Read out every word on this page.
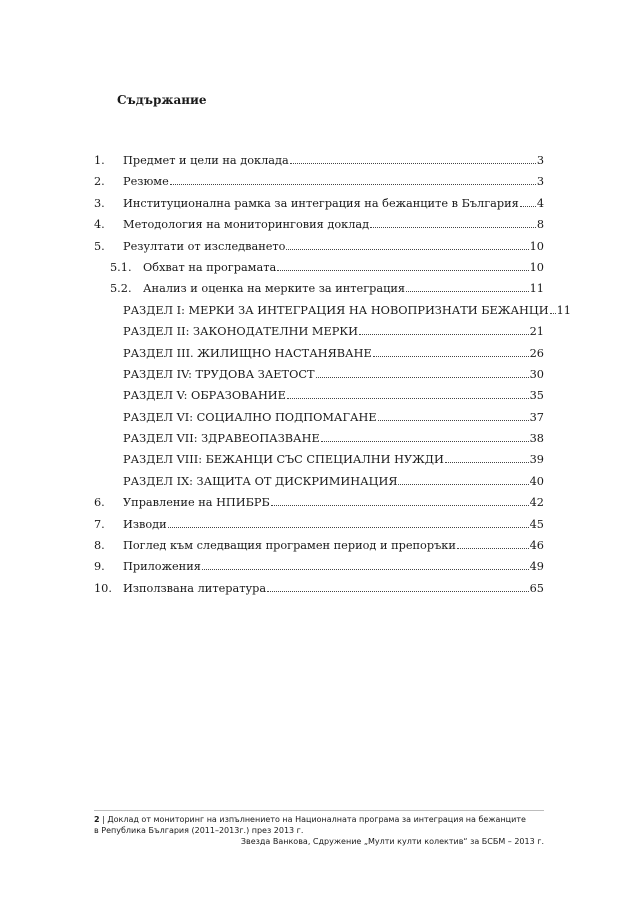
Съдържание
1.	Предмет и цели на доклада	3
2.	Резюме	3
3.	Институционална рамка за интеграция на бежанците в България 4
4.	Методология на мониторинговия доклад	8
5.	Резултати от изследването	10
5.1.	Обхват на програмата	10
5.2.	Анализ и оценка на мерките за интеграция	11
РАЗДЕЛ I: МЕРКИ ЗА ИНТЕГРАЦИЯ НА НОВОПРИЗНАТИ БЕЖАНЦИ 11
РАЗДЕЛ II: ЗАКОНОДАТЕЛНИ МЕРКИ	21
РАЗДЕЛ III. ЖИЛИЩНО НАСТАНЯВАНЕ	26
РАЗДЕЛ IV: ТРУДОВА ЗАЕТОСТ	30
РАЗДЕЛ V: ОБРАЗОВАНИЕ	35
РАЗДЕЛ VI: СОЦИАЛНО ПОДПОМАГАНЕ	37
РАЗДЕЛ VII: ЗДРАВЕОПАЗВАНЕ	38
РАЗДЕЛ VIII: БЕЖАНЦИ СЪС СПЕЦИАЛНИ НУЖДИ	39
РАЗДЕЛ IX: ЗАЩИТА ОТ ДИСКРИМИНАЦИЯ	40
6.	Управление на НПИБРБ	42
7.	Изводи	45
8.	Поглед към следващия програмен период и препоръки	46
9.	Приложения	49
10. Използвана литература	65
2 | Доклад от мониторинг на изпълнението на Националната програма за интеграция на бежанците
в Република България (2011–2013г.) през 2013 г.
Звезда Ванкова, Сдружение „Мулти култи колектив“ за БСБМ – 2013 г.
